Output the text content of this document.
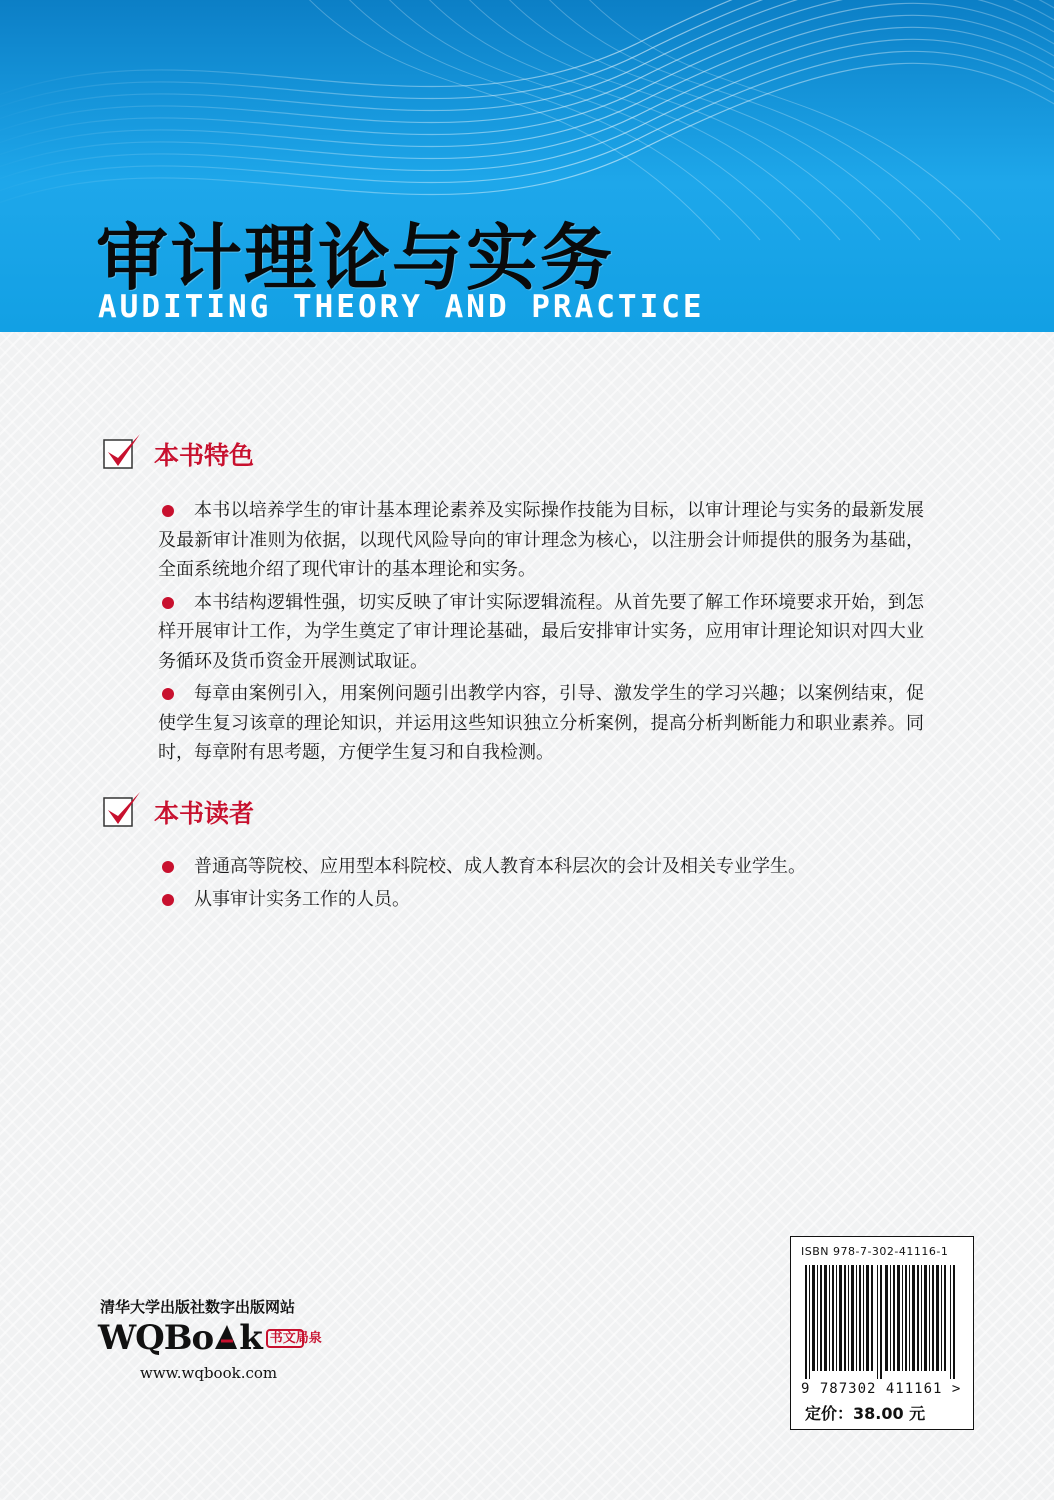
审计理论与实务
AUDITING THEORY AND PRACTICE
本书特色
本书以培养学生的审计基本理论素养及实际操作技能为目标，以审计理论与实务的最新发展及最新审计准则为依据，以现代风险导向的审计理念为核心，以注册会计师提供的服务为基础，全面系统地介绍了现代审计的基本理论和实务。
本书结构逻辑性强，切实反映了审计实际逻辑流程。从首先要了解工作环境要求开始，到怎样开展审计工作，为学生奠定了审计理论基础，最后安排审计实务，应用审计理论知识对四大业务循环及货币资金开展测试取证。
每章由案例引入，用案例问题引出教学内容，引导、激发学生的学习兴趣；以案例结束，促使学生复习该章的理论知识，并运用这些知识独立分析案例，提高分析判断能力和职业素养。同时，每章附有思考题，方便学生复习和自我检测。
本书读者
普通高等院校、应用型本科院校、成人教育本科层次的会计及相关专业学生。
从事审计实务工作的人员。
清华大学出版社数字出版网站
WQBo k 书文局泉
www.wqbook.com
ISBN 978-7-302-41116-1
9 787302 411161 >
定价：38.00 元
